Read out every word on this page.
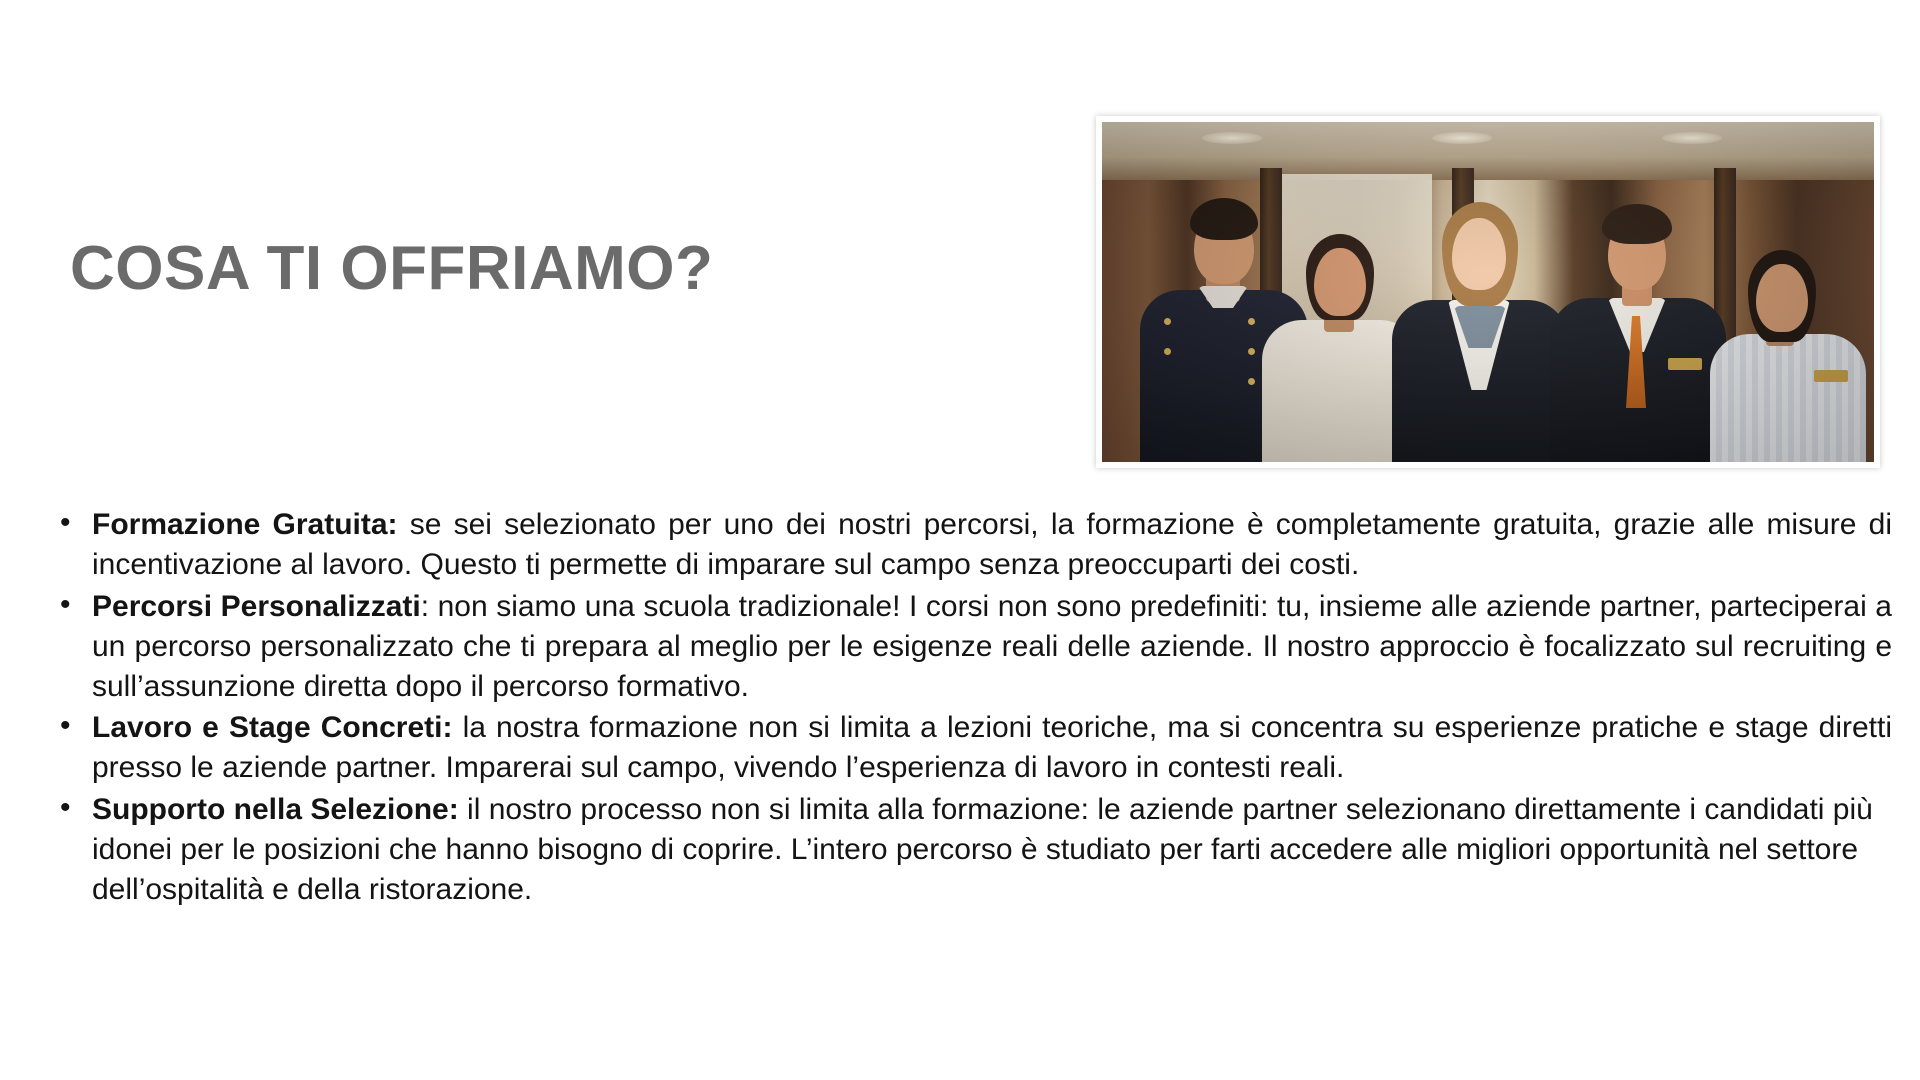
COSA TI OFFRIAMO?
• Formazione Gratuita: se sei selezionato per uno dei nostri percorsi, la formazione è completamente gratuita, grazie alle misure di incentivazione al lavoro. Questo ti permette di imparare sul campo senza preoccuparti dei costi.
• Percorsi Personalizzati: non siamo una scuola tradizionale! I corsi non sono predefiniti: tu, insieme alle aziende partner, parteciperai a un percorso personalizzato che ti prepara al meglio per le esigenze reali delle aziende. Il nostro approccio è focalizzato sul recruiting e sull’assunzione diretta dopo il percorso formativo.
• Lavoro e Stage Concreti: la nostra formazione non si limita a lezioni teoriche, ma si concentra su esperienze pratiche e stage diretti presso le aziende partner. Imparerai sul campo, vivendo l’esperienza di lavoro in contesti reali.
• Supporto nella Selezione: il nostro processo non si limita alla formazione: le aziende partner selezionano direttamente i candidati più idonei per le posizioni che hanno bisogno di coprire. L’intero percorso è studiato per farti accedere alle migliori opportunità nel settore dell’ospitalità e della ristorazione.
